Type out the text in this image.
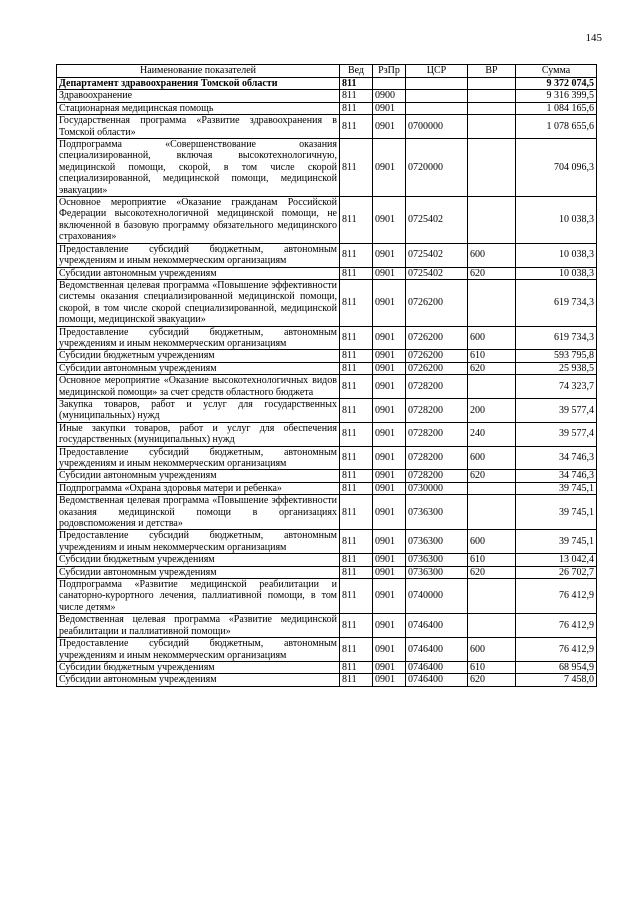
145
Наименование показателей	Вед	РзПр	ЦСР	ВР	Сумма
Департамент здравоохранения Томской области	811				9 372 074,5
Здравоохранение	811	0900			9 316 399,5
Стационарная медицинская помощь	811	0901			1 084 165,6
Государственная программа «Развитие здравоохранения в Томской области»	811	0901	0700000		1 078 655,6
Подпрограмма «Совершенствование оказания специализированной, включая высокотехнологичную, медицинской помощи, скорой, в том числе скорой специализированной, медицинской помощи, медицинской эвакуации»	811	0901	0720000		704 096,3
Основное мероприятие «Оказание гражданам Российской Федерации высокотехнологичной медицинской помощи, не включенной в базовую программу обязательного медицинского страхования»	811	0901	0725402		10 038,3
Предоставление субсидий бюджетным, автономным учреждениям и иным некоммерческим организациям	811	0901	0725402	600	10 038,3
Субсидии автономным учреждениям	811	0901	0725402	620	10 038,3
Ведомственная целевая программа «Повышение эффективности системы оказания специализированной медицинской помощи, скорой, в том числе скорой специализированной, медицинской помощи, медицинской эвакуации»	811	0901	0726200		619 734,3
Предоставление субсидий бюджетным, автономным учреждениям и иным некоммерческим организациям	811	0901	0726200	600	619 734,3
Субсидии бюджетным учреждениям	811	0901	0726200	610	593 795,8
Субсидии автономным учреждениям	811	0901	0726200	620	25 938,5
Основное мероприятие «Оказание высокотехнологичных видов медицинской помощи» за счет средств областного бюджета	811	0901	0728200		74 323,7
Закупка товаров, работ и услуг для государственных (муниципальных) нужд	811	0901	0728200	200	39 577,4
Иные закупки товаров, работ и услуг для обеспечения государственных (муниципальных) нужд	811	0901	0728200	240	39 577,4
Предоставление субсидий бюджетным, автономным учреждениям и иным некоммерческим организациям	811	0901	0728200	600	34 746,3
Субсидии автономным учреждениям	811	0901	0728200	620	34 746,3
Подпрограмма «Охрана здоровья матери и ребенка»	811	0901	0730000		39 745,1
Ведомственная целевая программа «Повышение эффективности оказания медицинской помощи в организациях родовспоможения и детства»	811	0901	0736300		39 745,1
Предоставление субсидий бюджетным, автономным учреждениям и иным некоммерческим организациям	811	0901	0736300	600	39 745,1
Субсидии бюджетным учреждениям	811	0901	0736300	610	13 042,4
Субсидии автономным учреждениям	811	0901	0736300	620	26 702,7
Подпрограмма «Развитие медицинской реабилитации и санаторно-курортного лечения, паллиативной помощи, в том числе детям»	811	0901	0740000		76 412,9
Ведомственная целевая программа «Развитие медицинской реабилитации и паллиативной помощи»	811	0901	0746400		76 412,9
Предоставление субсидий бюджетным, автономным учреждениям и иным некоммерческим организациям	811	0901	0746400	600	76 412,9
Субсидии бюджетным учреждениям	811	0901	0746400	610	68 954,9
Субсидии автономным учреждениям	811	0901	0746400	620	7 458,0
